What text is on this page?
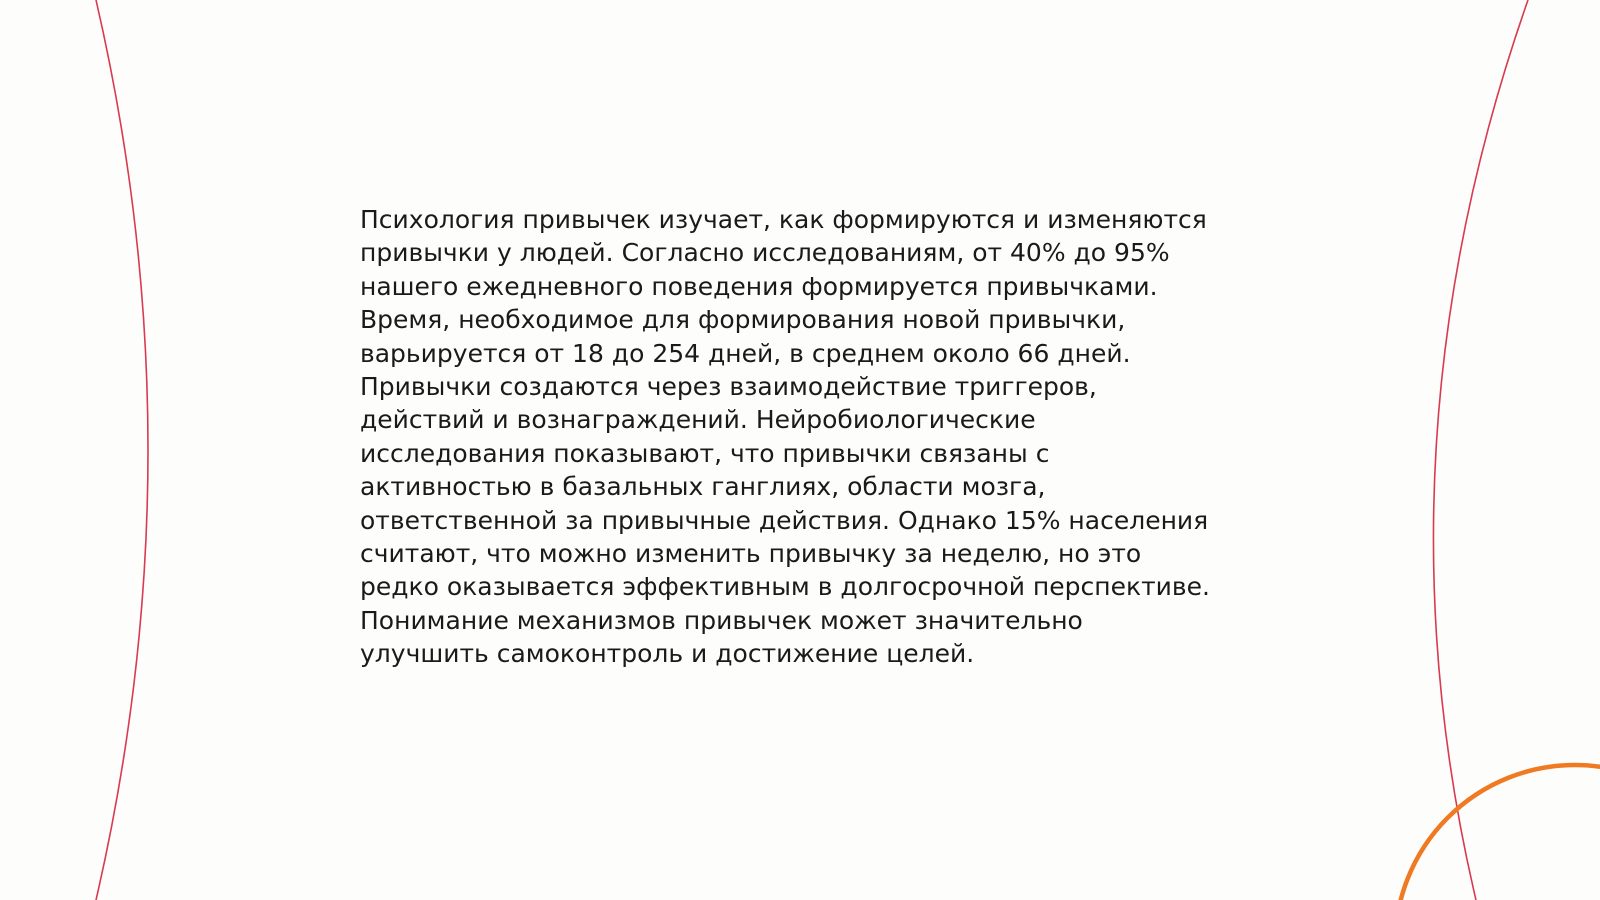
Психология привычек изучает, как формируются и изменяются
привычки у людей. Согласно исследованиям, от 40% до 95%
нашего ежедневного поведения формируется привычками.
Время, необходимое для формирования новой привычки,
варьируется от 18 до 254 дней, в среднем около 66 дней.
Привычки создаются через взаимодействие триггеров,
действий и вознаграждений. Нейробиологические
исследования показывают, что привычки связаны с
активностью в базальных ганглиях, области мозга,
ответственной за привычные действия. Однако 15% населения
считают, что можно изменить привычку за неделю, но это
редко оказывается эффективным в долгосрочной перспективе.
Понимание механизмов привычек может значительно
улучшить самоконтроль и достижение целей.
